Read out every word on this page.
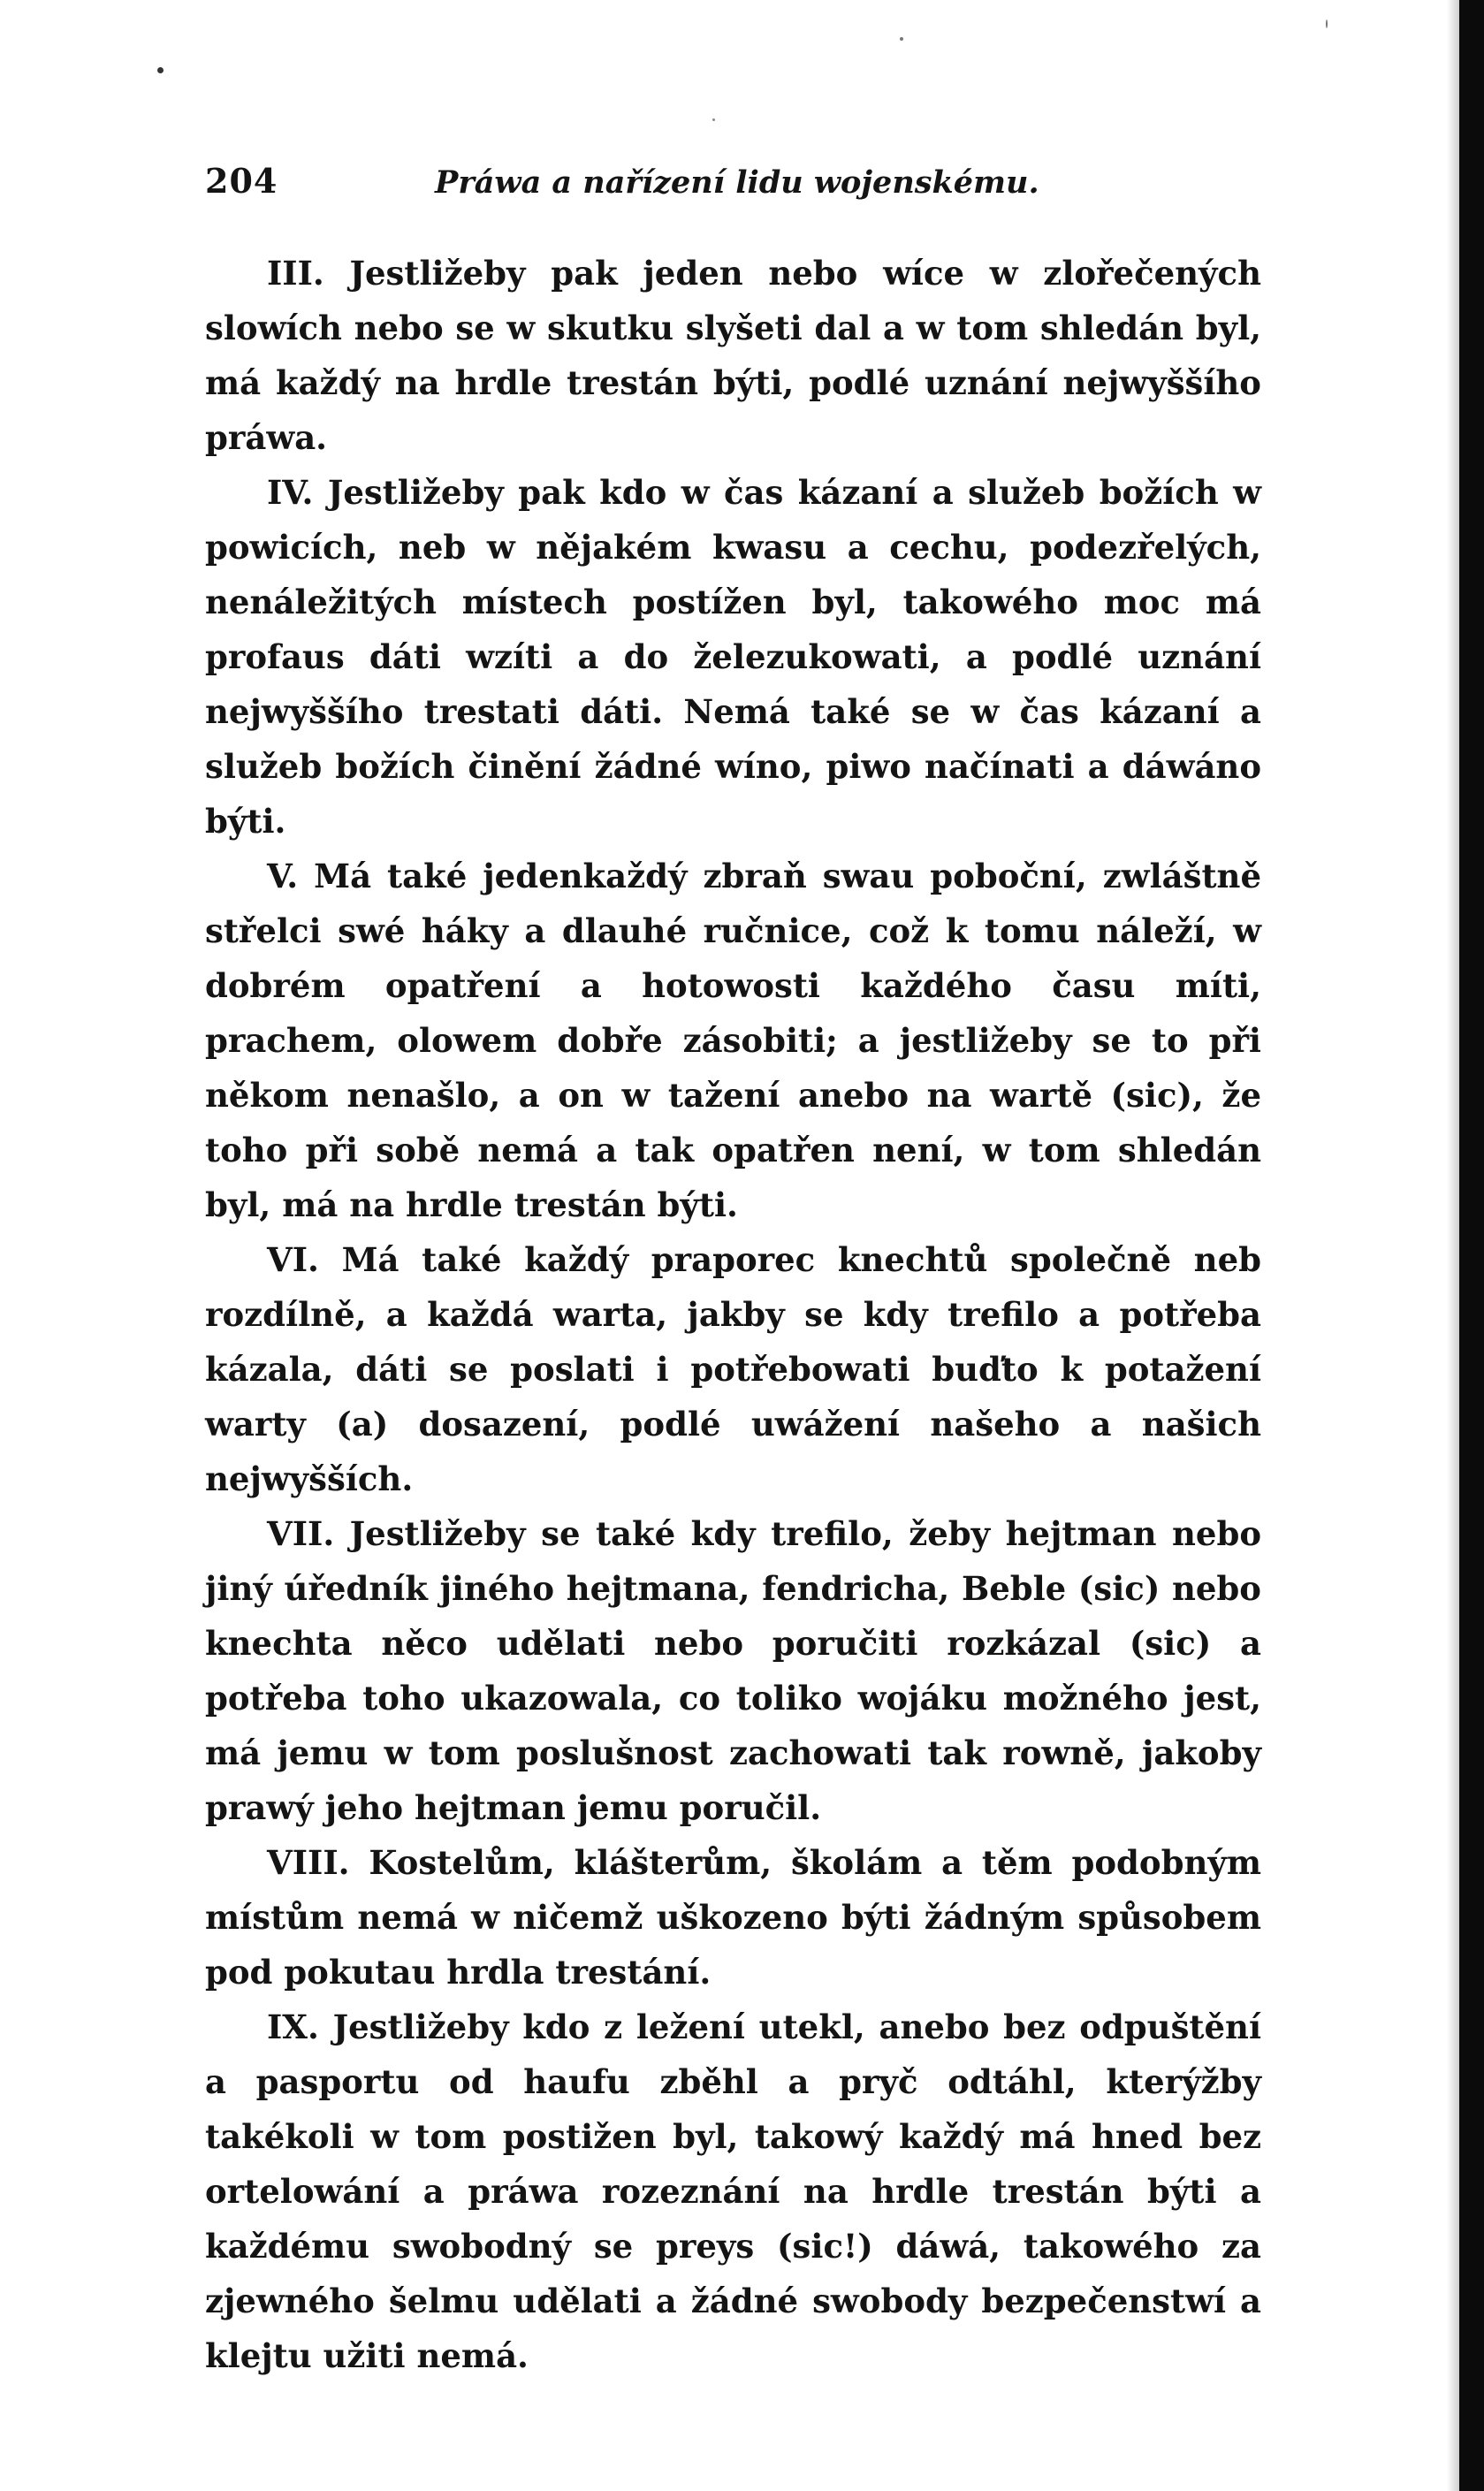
204	Práwa a nařízení lidu wojenskému.

III. Jestližeby pak jeden nebo wíce w zlořečených slowích nebo se w skutku slyšeti dal a w tom shledán byl, má každý na hrdle trestán býti, podlé uznání nejwyššího práwa.

IV. Jestližeby pak kdo w čas kázaní a služeb božích w powicích, neb w nějakém kwasu a cechu, podezřelých, nenáležitých místech postížen byl, takowého moc má profaus dáti wzíti a do železukowati, a podlé uznání nejwyššího trestati dáti. Nemá také se w čas kázaní a služeb božích činění žádné wíno, piwo načínati a dáwáno býti.

V. Má také jedenkaždý zbraň swau poboční, zwláštně střelci swé háky a dlauhé ručnice, což k tomu náleží, w dobrém opatření a hotowosti každého času míti, prachem, olowem dobře zásobiti; a jestližeby se to při někom nenašlo, a on w tažení anebo na wartě (sic), že toho při sobě nemá a tak opatřen není, w tom shledán byl, má na hrdle trestán býti.

VI. Má také každý praporec knechtů společně neb rozdílně, a každá warta, jakby se kdy trefilo a potřeba kázala, dáti se poslati i potřebowati buďto k potažení warty (a) dosazení, podlé uwážení našeho a našich nejwyšších.

VII. Jestližeby se také kdy trefilo, žeby hejtman nebo jiný úředník jiného hejtmana, fendricha, Beble (sic) nebo knechta něco udělati nebo poručiti rozkázal (sic) a potřeba toho ukazowala, co toliko wojáku možného jest, má jemu w tom poslušnost zachowati tak rowně, jakoby prawý jeho hejtman jemu poručil.

VIII. Kostelům, klášterům, školám a těm podobným místům nemá w ničemž uškozeno býti žádným spůsobem pod pokutau hrdla trestání.

IX. Jestližeby kdo z ležení utekl, anebo bez odpuštění a pasportu od haufu zběhl a pryč odtáhl, kterýžby takékoli w tom postižen byl, takowý každý má hned bez ortelowání a práwa rozeznání na hrdle trestán býti a každému swobodný se preys (sic!) dáwá, takowého za zjewného šelmu udělati a žádné swobody bezpečenstwí a klejtu užiti nemá.
